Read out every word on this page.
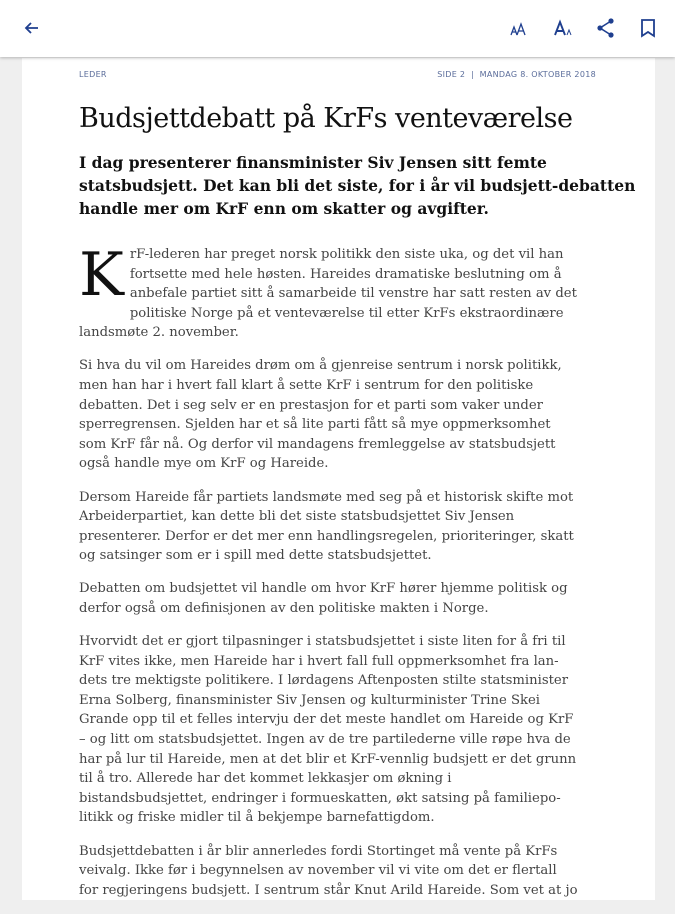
LEDER	SIDE 2  |  MANDAG 8. OKTOBER 2018
Budsjettdebatt på KrFs venteværelse
I dag presenterer finansminister Siv Jensen sitt femte
statsbudsjett. Det kan bli det siste, for i år vil budsjett-debatten
handle mer om KrF enn om skatter og avgifter.
K rF-lederen har preget norsk politikk den siste uka, og det vil han
fortsette med hele høsten. Hareides dramatiske beslutning om å
anbefale partiet sitt å samarbeide til venstre har satt resten av det
politiske Norge på et venteværelse til etter KrFs ekstraordinære
landsmøte 2. november.
Si hva du vil om Hareides drøm om å gjenreise sentrum i norsk politikk,
men han har i hvert fall klart å sette KrF i sentrum for den politiske
debatten. Det i seg selv er en prestasjon for et parti som vaker under
sperregrensen. Sjelden har et så lite parti fått så mye oppmerksomhet
som KrF får nå. Og derfor vil mandagens fremleggelse av statsbudsjett
også handle mye om KrF og Hareide.
Dersom Hareide får partiets landsmøte med seg på et historisk skifte mot
Arbeiderpartiet, kan dette bli det siste statsbudsjettet Siv Jensen
presenterer. Derfor er det mer enn handlingsregelen, prioriteringer, skatt
og satsinger som er i spill med dette statsbudsjettet.
Debatten om budsjettet vil handle om hvor KrF hører hjemme politisk og
derfor også om definisjonen av den politiske makten i Norge.
Hvorvidt det er gjort tilpasninger i statsbudsjettet i siste liten for å fri til
KrF vites ikke, men Hareide har i hvert fall full oppmerksomhet fra lan-
dets tre mektigste politikere. I lørdagens Aftenposten stilte statsminister
Erna Solberg, finansminister Siv Jensen og kulturminister Trine Skei
Grande opp til et felles intervju der det meste handlet om Hareide og KrF
– og litt om statsbudsjettet. Ingen av de tre partilederne ville røpe hva de
har på lur til Hareide, men at det blir et KrF-vennlig budsjett er det grunn
til å tro. Allerede har det kommet lekkasjer om økning i
bistandsbudsjettet, endringer i formueskatten, økt satsing på familiepo-
litikk og friske midler til å bekjempe barnefattigdom.
Budsjettdebatten i år blir annerledes fordi Stortinget må vente på KrFs
veivalg. Ikke før i begynnelsen av november vil vi vite om det er flertall
for regjeringens budsjett. I sentrum står Knut Arild Hareide. Som vet at jo
